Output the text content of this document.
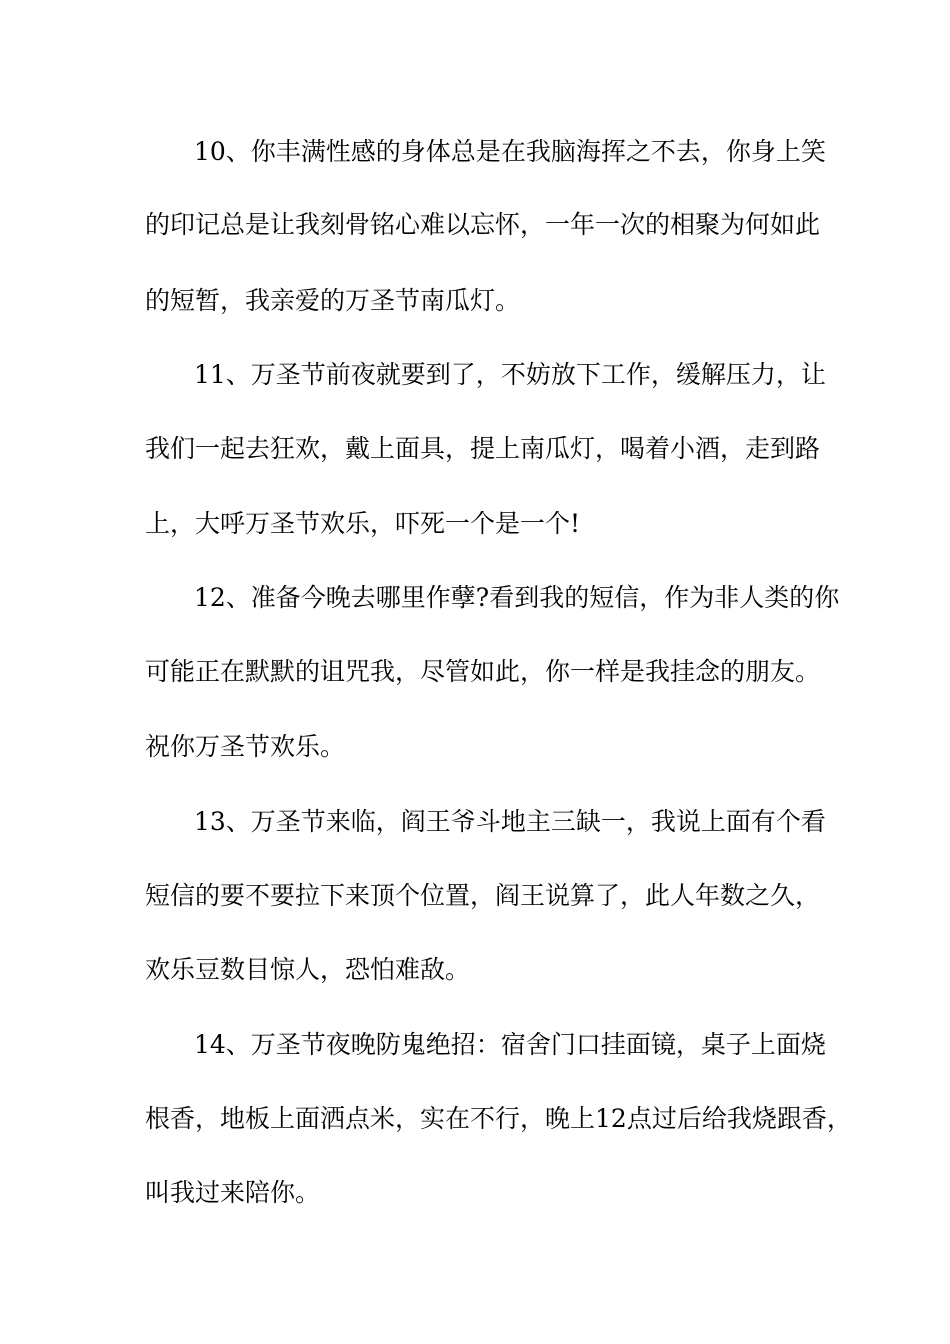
10、你丰满性感的身体总是在我脑海挥之不去，你身上笑
的印记总是让我刻骨铭心难以忘怀，一年一次的相聚为何如此
的短暂，我亲爱的万圣节南瓜灯。
11、万圣节前夜就要到了，不妨放下工作，缓解压力，让
我们一起去狂欢，戴上面具，提上南瓜灯，喝着小酒，走到路
上，大呼万圣节欢乐，吓死一个是一个!
12、准备今晚去哪里作孽?看到我的短信，作为非人类的你
可能正在默默的诅咒我，尽管如此，你一样是我挂念的朋友。
祝你万圣节欢乐。
13、万圣节来临，阎王爷斗地主三缺一，我说上面有个看
短信的要不要拉下来顶个位置，阎王说算了，此人年数之久，
欢乐豆数目惊人，恐怕难敌。
14、万圣节夜晚防鬼绝招：宿舍门口挂面镜，桌子上面烧
根香，地板上面洒点米，实在不行，晚上12点过后给我烧跟香，
叫我过来陪你。
